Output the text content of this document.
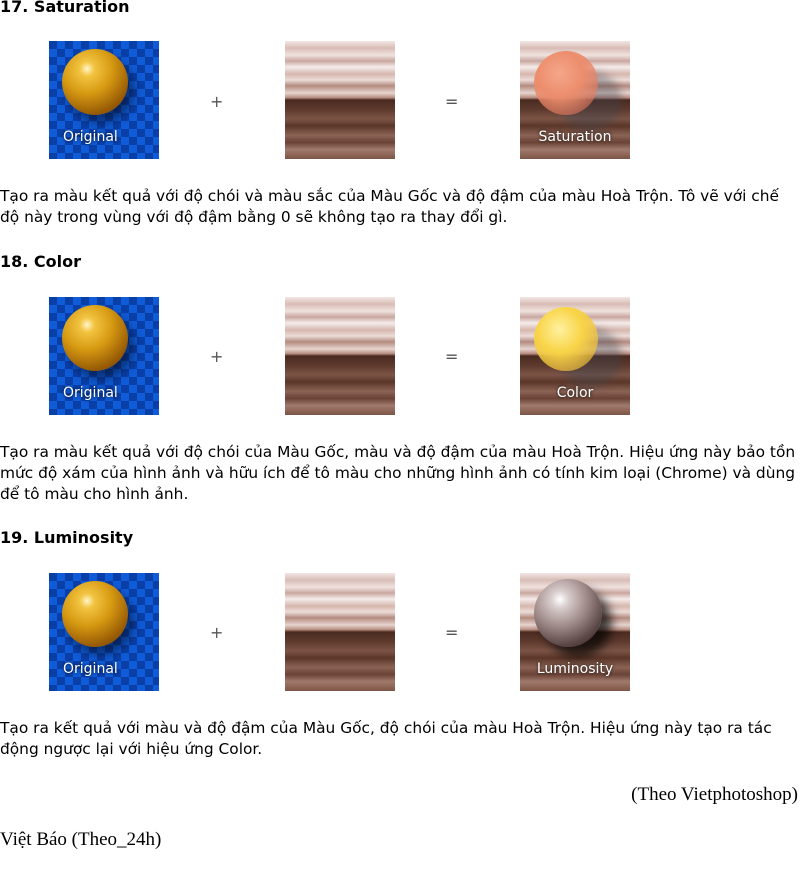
17. Saturation
Original
+	=
Saturation

Tạo ra màu kết quả với độ chói và màu sắc của Màu Gốc và độ đậm của màu Hoà Trộn. Tô vẽ với chế độ này trong vùng với độ đậm bằng 0 sẽ không tạo ra thay đổi gì.

18. Color
Original
+	=
Color

Tạo ra màu kết quả với độ chói của Màu Gốc, màu và độ đậm của màu Hoà Trộn. Hiệu ứng này bảo tồn mức độ xám của hình ảnh và hữu ích để tô màu cho những hình ảnh có tính kim loại (Chrome) và dùng để tô màu cho hình ảnh.

19. Luminosity
Original
+	=
Luminosity

Tạo ra kết quả với màu và độ đậm của Màu Gốc, độ chói của màu Hoà Trộn. Hiệu ứng này tạo ra tác động ngược lại với hiệu ứng Color.

(Theo Vietphotoshop)

Việt Báo (Theo_24h)
